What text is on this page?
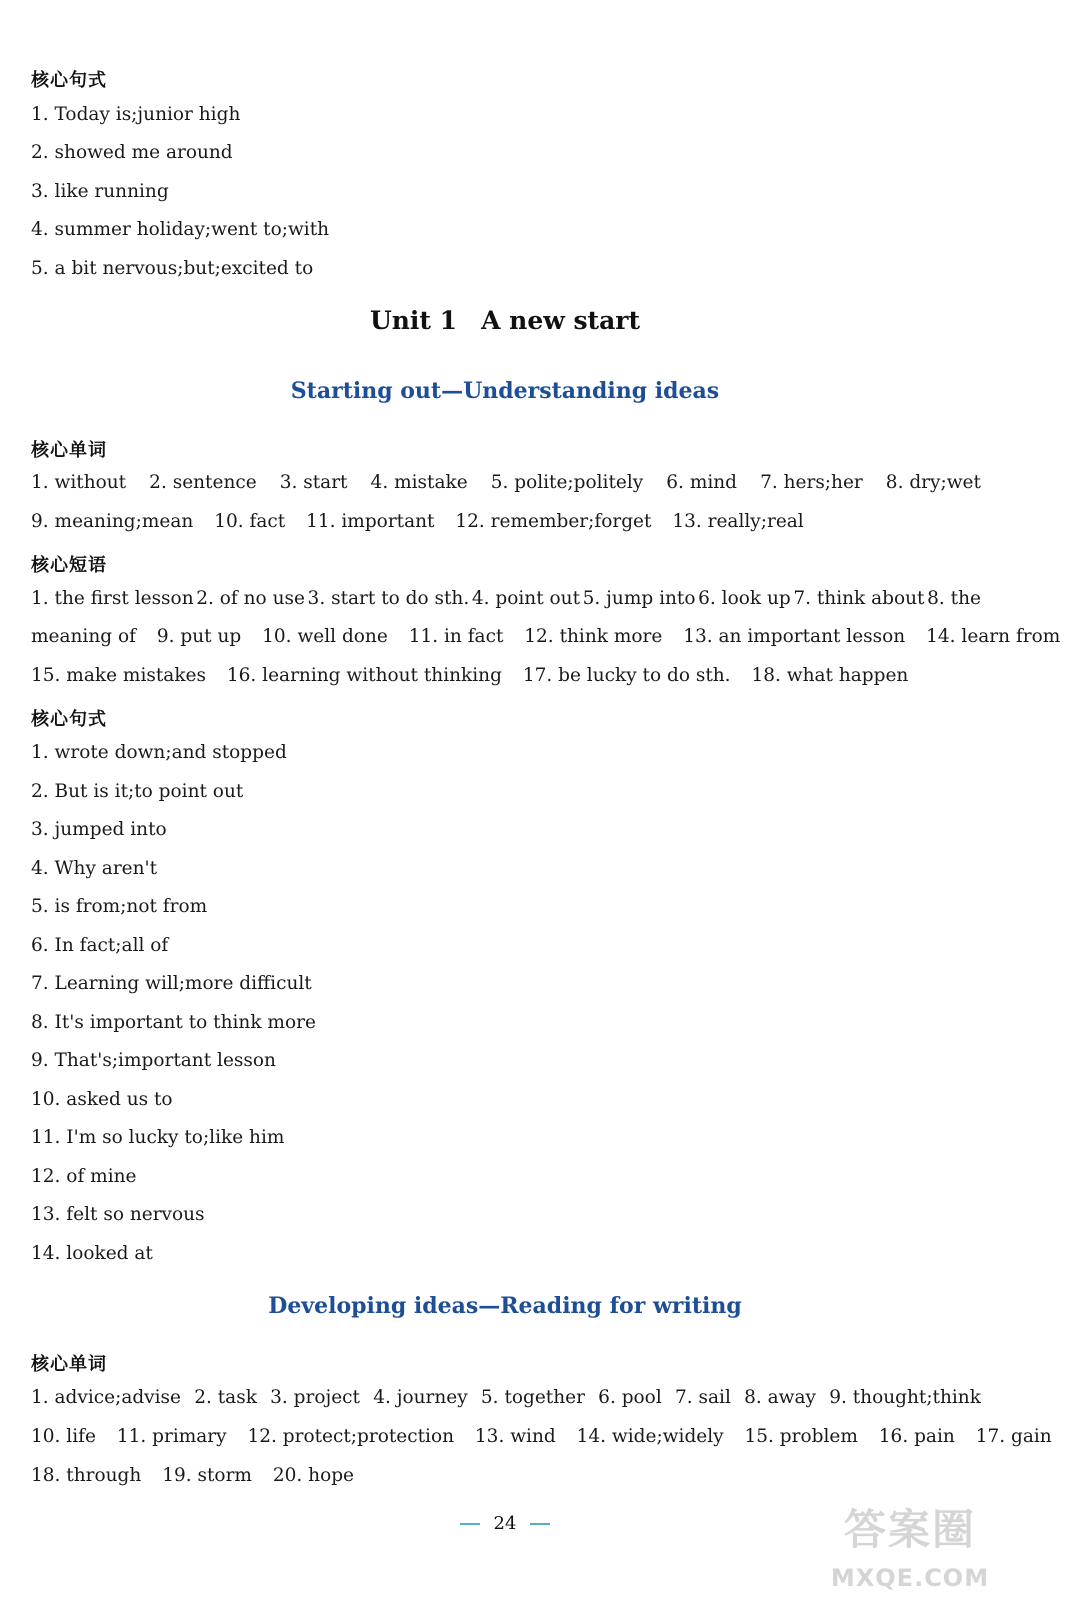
核心句式
1. Today is;junior high
2. showed me around
3. like running
4. summer holiday;went to;with
5. a bit nervous;but;excited to
Unit 1 A new start
Starting out—Understanding ideas
核心单词
1. without 2. sentence 3. start 4. mistake 5. polite;politely 6. mind 7. hers;her 8. dry;wet
9. meaning;mean 10. fact 11. important 12. remember;forget 13. really;real
核心短语
1. the first lesson 2. of no use 3. start to do sth. 4. point out 5. jump into 6. look up 7. think about 8. the
meaning of 9. put up 10. well done 11. in fact 12. think more 13. an important lesson 14. learn from
15. make mistakes 16. learning without thinking 17. be lucky to do sth. 18. what happen
核心句式
1. wrote down;and stopped
2. But is it;to point out
3. jumped into
4. Why aren't
5. is from;not from
6. In fact;all of
7. Learning will;more difficult
8. It's important to think more
9. That's;important lesson
10. asked us to
11. I'm so lucky to;like him
12. of mine
13. felt so nervous
14. looked at
Developing ideas—Reading for writing
核心单词
1. advice;advise 2. task 3. project 4. journey 5. together 6. pool 7. sail 8. away 9. thought;think
10. life 11. primary 12. protect;protection 13. wind 14. wide;widely 15. problem 16. pain 17. gain
18. through 19. storm 20. hope
24	答案圈
MXQE.COM
